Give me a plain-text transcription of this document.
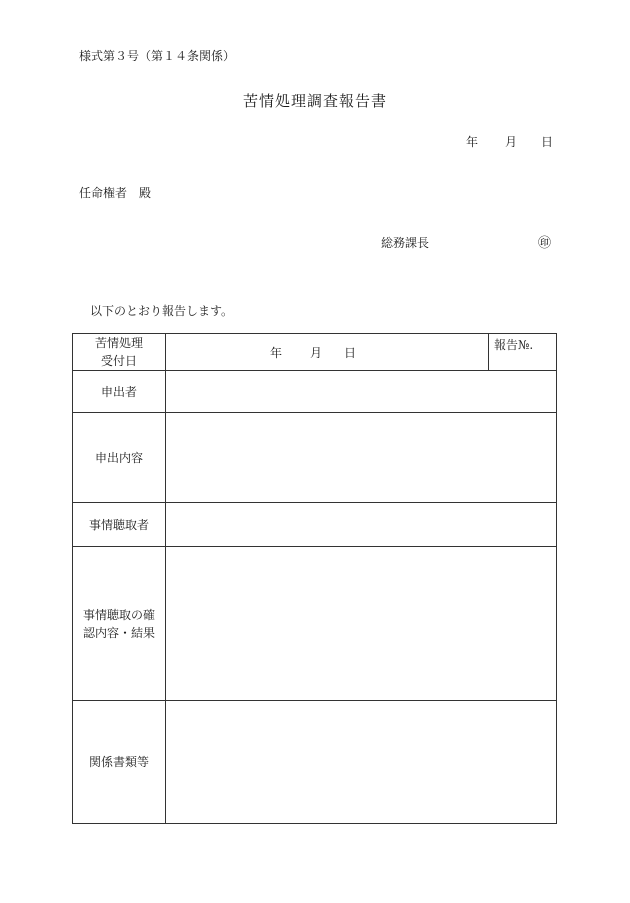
様式第３号（第１４条関係）
苦情処理調査報告書
年 月 日
任命権者　殿
総務課長	㊞
以下のとおり報告します。
苦情処理
受付日
年 月 日
報告№.
申出者
申出内容
事情聴取者
事情聴取の確
認内容・結果
関係書類等
